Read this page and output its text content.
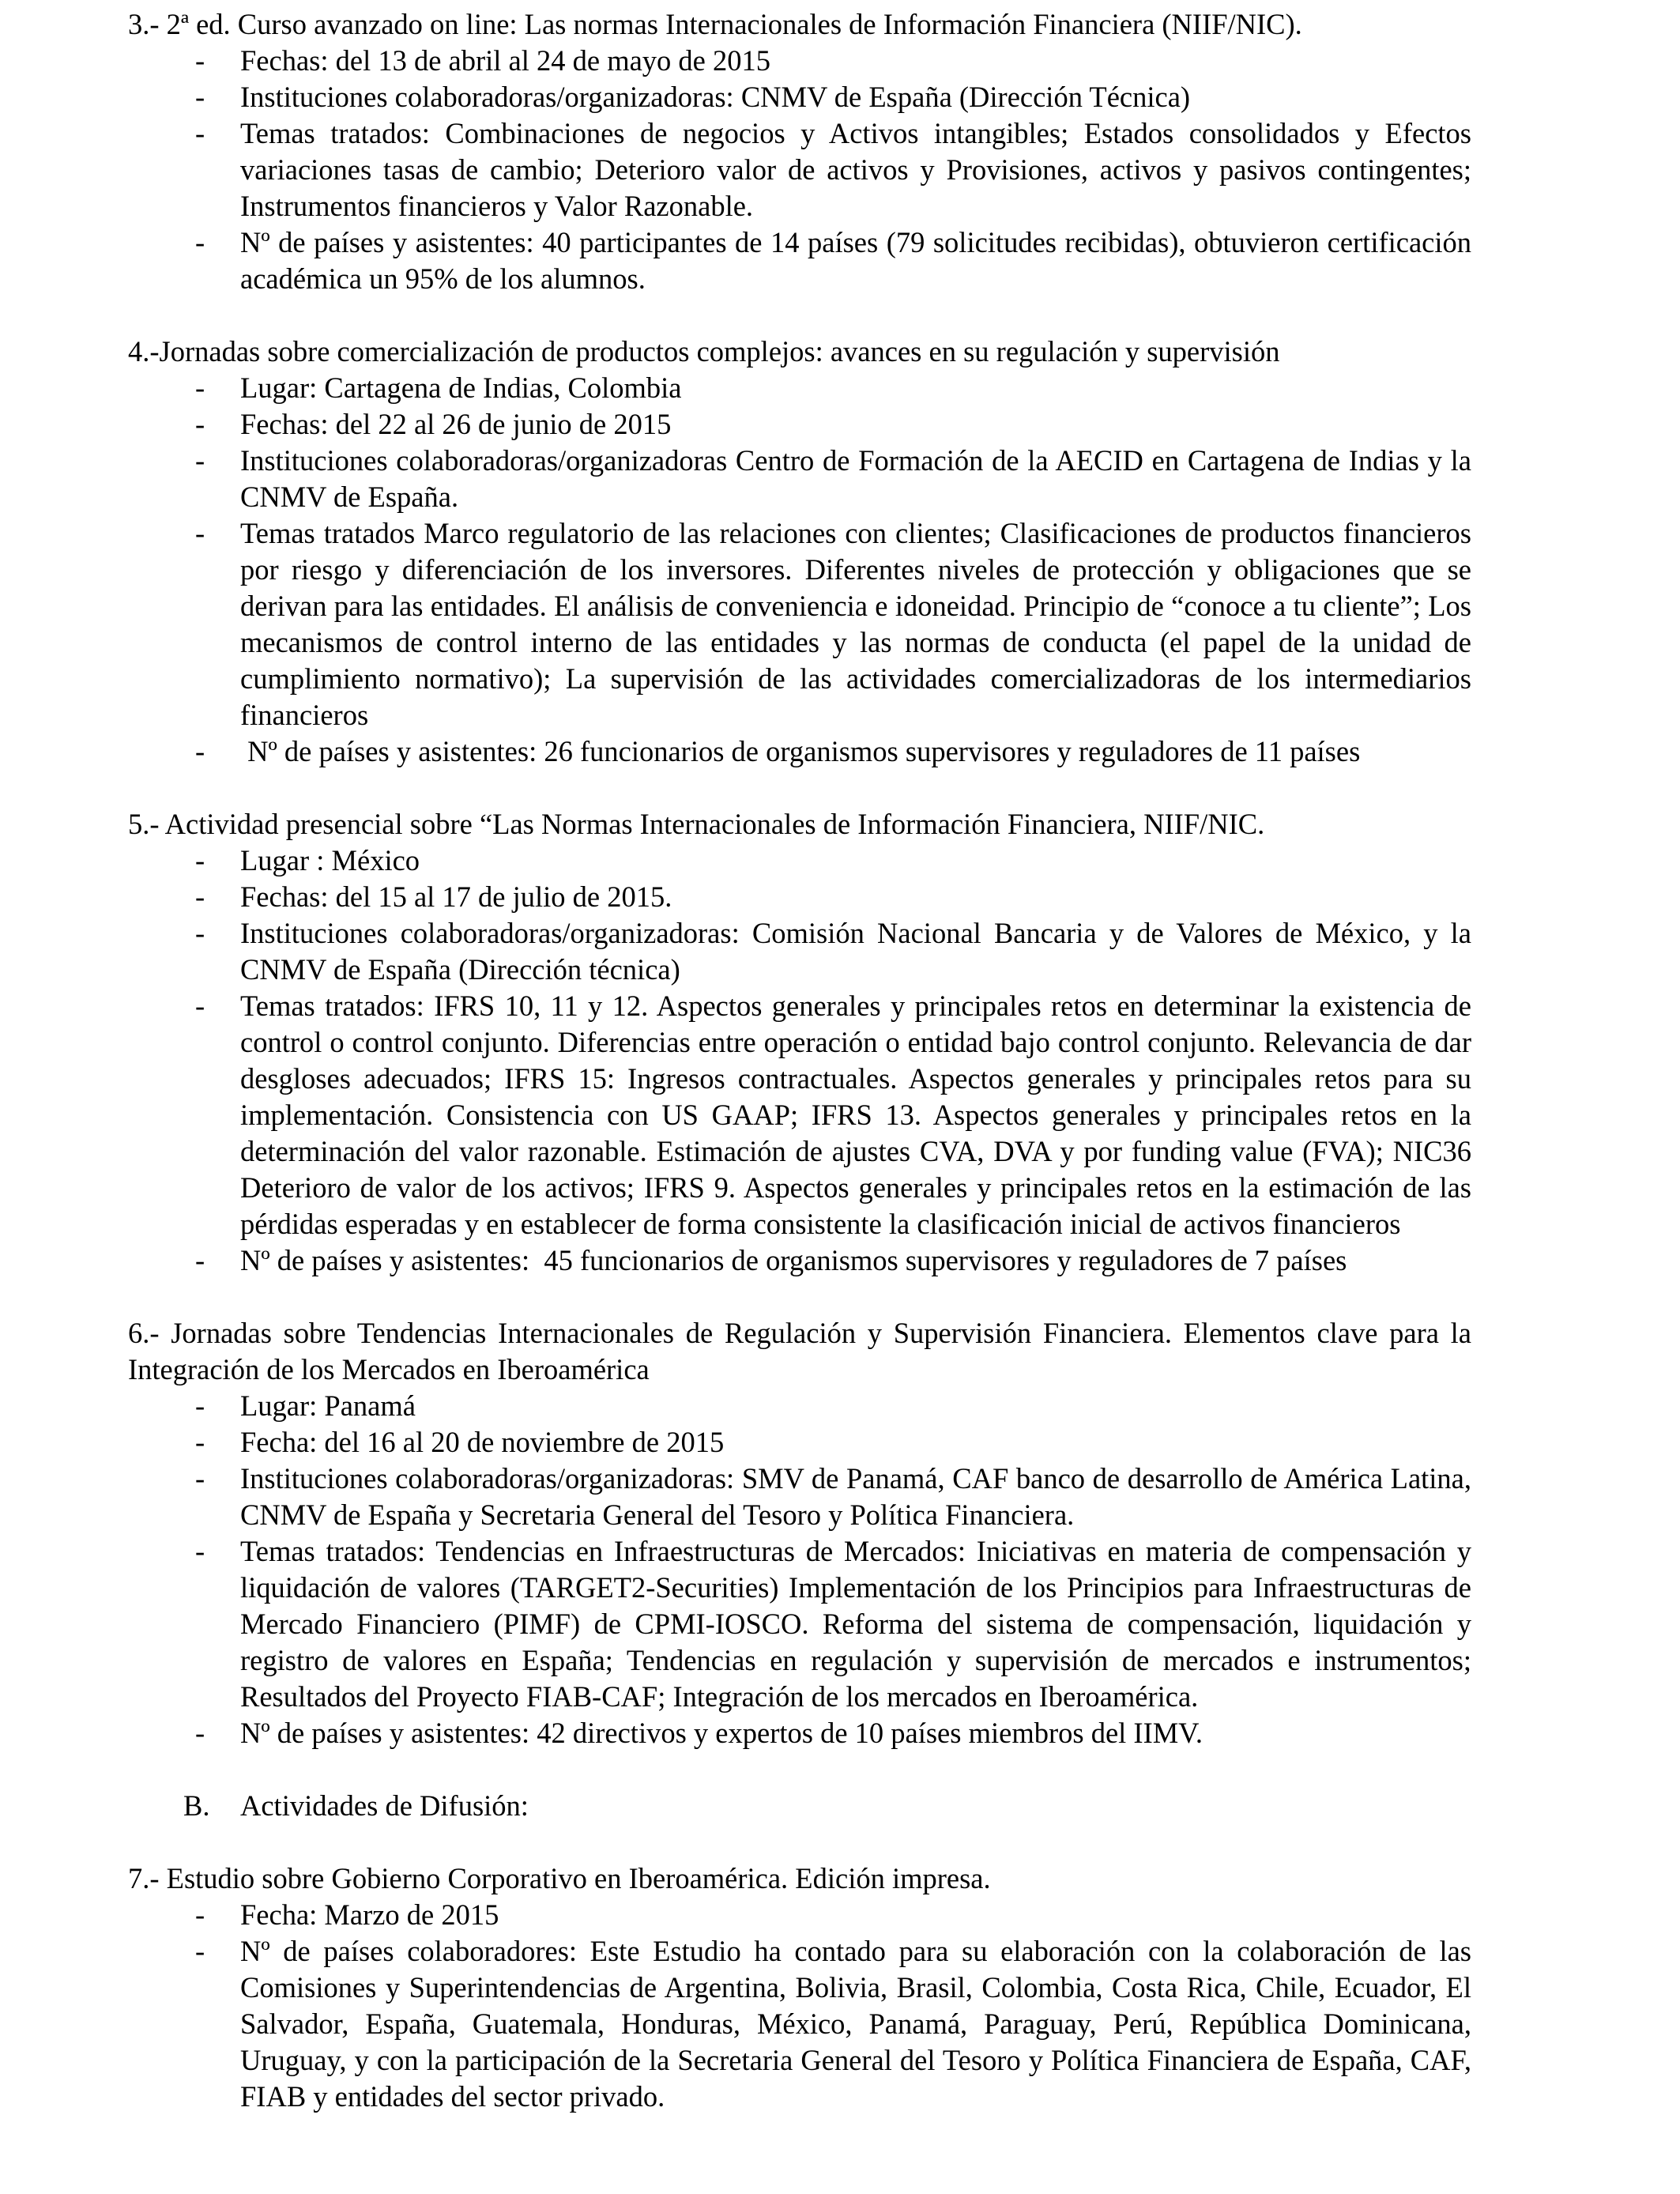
3.- 2ª ed. Curso avanzado on line: Las normas Internacionales de Información Financiera (NIIF/NIC).
- Fechas: del 13 de abril al 24 de mayo de 2015
- Instituciones colaboradoras/organizadoras: CNMV de España (Dirección Técnica)
- Temas tratados: Combinaciones de negocios y Activos intangibles; Estados consolidados y Efectos variaciones tasas de cambio; Deterioro valor de activos y Provisiones, activos y pasivos contingentes; Instrumentos financieros y Valor Razonable.
- Nº de países y asistentes: 40 participantes de 14 países (79 solicitudes recibidas), obtuvieron certificación académica un 95% de los alumnos.
4.-Jornadas sobre comercialización de productos complejos: avances en su regulación y supervisión
- Lugar: Cartagena de Indias, Colombia
- Fechas: del 22 al 26 de junio de 2015
- Instituciones colaboradoras/organizadoras Centro de Formación de la AECID en Cartagena de Indias y la CNMV de España.
- Temas tratados Marco regulatorio de las relaciones con clientes; Clasificaciones de productos financieros por riesgo y diferenciación de los inversores. Diferentes niveles de protección y obligaciones que se derivan para las entidades. El análisis de conveniencia e idoneidad. Principio de “conoce a tu cliente”; Los mecanismos de control interno de las entidades y las normas de conducta (el papel de la unidad de cumplimiento normativo); La supervisión de las actividades comercializadoras de los intermediarios financieros
- Nº de países y asistentes: 26 funcionarios de organismos supervisores y reguladores de 11 países
5.- Actividad presencial sobre “Las Normas Internacionales de Información Financiera, NIIF/NIC.
- Lugar : México
- Fechas: del 15 al 17 de julio de 2015.
- Instituciones colaboradoras/organizadoras: Comisión Nacional Bancaria y de Valores de México, y la CNMV de España (Dirección técnica)
- Temas tratados: IFRS 10, 11 y 12. Aspectos generales y principales retos en determinar la existencia de control o control conjunto. Diferencias entre operación o entidad bajo control conjunto. Relevancia de dar desgloses adecuados; IFRS 15: Ingresos contractuales. Aspectos generales y principales retos para su implementación. Consistencia con US GAAP; IFRS 13. Aspectos generales y principales retos en la determinación del valor razonable. Estimación de ajustes CVA, DVA y por funding value (FVA); NIC36 Deterioro de valor de los activos; IFRS 9. Aspectos generales y principales retos en la estimación de las pérdidas esperadas y en establecer de forma consistente la clasificación inicial de activos financieros
- Nº de países y asistentes:  45 funcionarios de organismos supervisores y reguladores de 7 países
6.- Jornadas sobre Tendencias Internacionales de Regulación y Supervisión Financiera. Elementos clave para la Integración de los Mercados en Iberoamérica
- Lugar: Panamá
- Fecha: del 16 al 20 de noviembre de 2015
- Instituciones colaboradoras/organizadoras: SMV de Panamá, CAF banco de desarrollo de América Latina, CNMV de España y Secretaria General del Tesoro y Política Financiera.
- Temas tratados: Tendencias en Infraestructuras de Mercados: Iniciativas en materia de compensación y liquidación de valores (TARGET2-Securities) Implementación de los Principios para Infraestructuras de Mercado Financiero (PIMF) de CPMI-IOSCO. Reforma del sistema de compensación, liquidación y registro de valores en España; Tendencias en regulación y supervisión de mercados e instrumentos; Resultados del Proyecto FIAB-CAF; Integración de los mercados en Iberoamérica.
- Nº de países y asistentes: 42 directivos y expertos de 10 países miembros del IIMV.
B. Actividades de Difusión:
7.- Estudio sobre Gobierno Corporativo en Iberoamérica. Edición impresa.
- Fecha: Marzo de 2015
- Nº de países colaboradores: Este Estudio ha contado para su elaboración con la colaboración de las Comisiones y Superintendencias de Argentina, Bolivia, Brasil, Colombia, Costa Rica, Chile, Ecuador, El Salvador, España, Guatemala, Honduras, México, Panamá, Paraguay, Perú, República Dominicana, Uruguay, y con la participación de la Secretaria General del Tesoro y Política Financiera de España, CAF, FIAB y entidades del sector privado.
